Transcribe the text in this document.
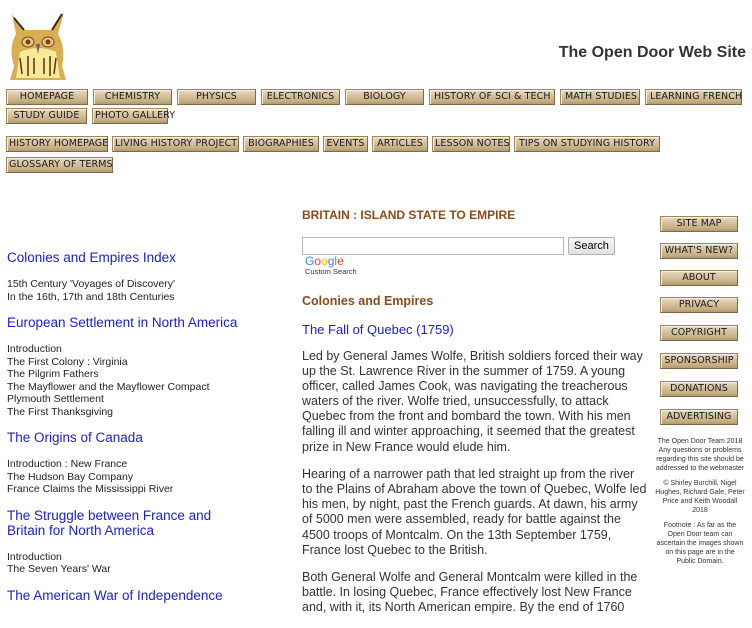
The Open Door Web Site
HOMEPAGE	CHEMISTRY	PHYSICS	ELECTRONICS	BIOLOGY	HISTORY OF SCI & TECH	MATH STUDIES	LEARNING FRENCH
STUDY GUIDE	PHOTO GALLERY
HISTORY HOMEPAGE LIVING HISTORY PROJECT	BIOGRAPHIES	EVENTS	ARTICLES	LESSON NOTES TIPS ON STUDYING HISTORY
GLOSSARY OF TERMS
Colonies and Empires Index
15th Century 'Voyages of Discovery'
In the 16th, 17th and 18th Centuries
European Settlement in North America
Introduction
The First Colony : Virginia
The Pilgrim Fathers
The Mayflower and the Mayflower Compact
Plymouth Settlement
The First Thanksgiving
The Origins of Canada
Introduction : New France
The Hudson Bay Company
France Claims the Mississippi River
The Struggle between France and Britain for North America
Introduction
The Seven Years' War
The American War of Independence
BRITAIN : ISLAND STATE TO EMPIRE
Search
Google
Custom Search
Colonies and Empires
The Fall of Quebec (1759)

Led by General James Wolfe, British soldiers forced their way up the St. Lawrence River in the summer of 1759. A young officer, called James Cook, was navigating the treacherous waters of the river. Wolfe tried, unsuccessfully, to attack Quebec from the front and bombard the town. With his men falling ill and winter approaching, it seemed that the greatest prize in New France would elude him.

Hearing of a narrower path that led straight up from the river to the Plains of Abraham above the town of Quebec, Wolfe led his men, by night, past the French guards. At dawn, his army of 5000 men were assembled, ready for battle against the 4500 troops of Montcalm. On the 13th September 1759, France lost Quebec to the British.

Both General Wolfe and General Montcalm were killed in the battle. In losing Quebec, France effectively lost New France and, with it, its North American empire. By the end of 1760

SITE MAP
WHAT'S NEW?
ABOUT
PRIVACY
COPYRIGHT
SPONSORSHIP
DONATIONS
ADVERTISING

The Open Door Team 2018 Any questions or problems regarding this site should be addressed to the webmaster

© Shirley Burchill, Nigel Hughes, Richard Gale, Peter Price and Keith Woodall 2018

Footnote : As far as the Open Door team can ascertain the images shown on this page are in the Public Domain.
